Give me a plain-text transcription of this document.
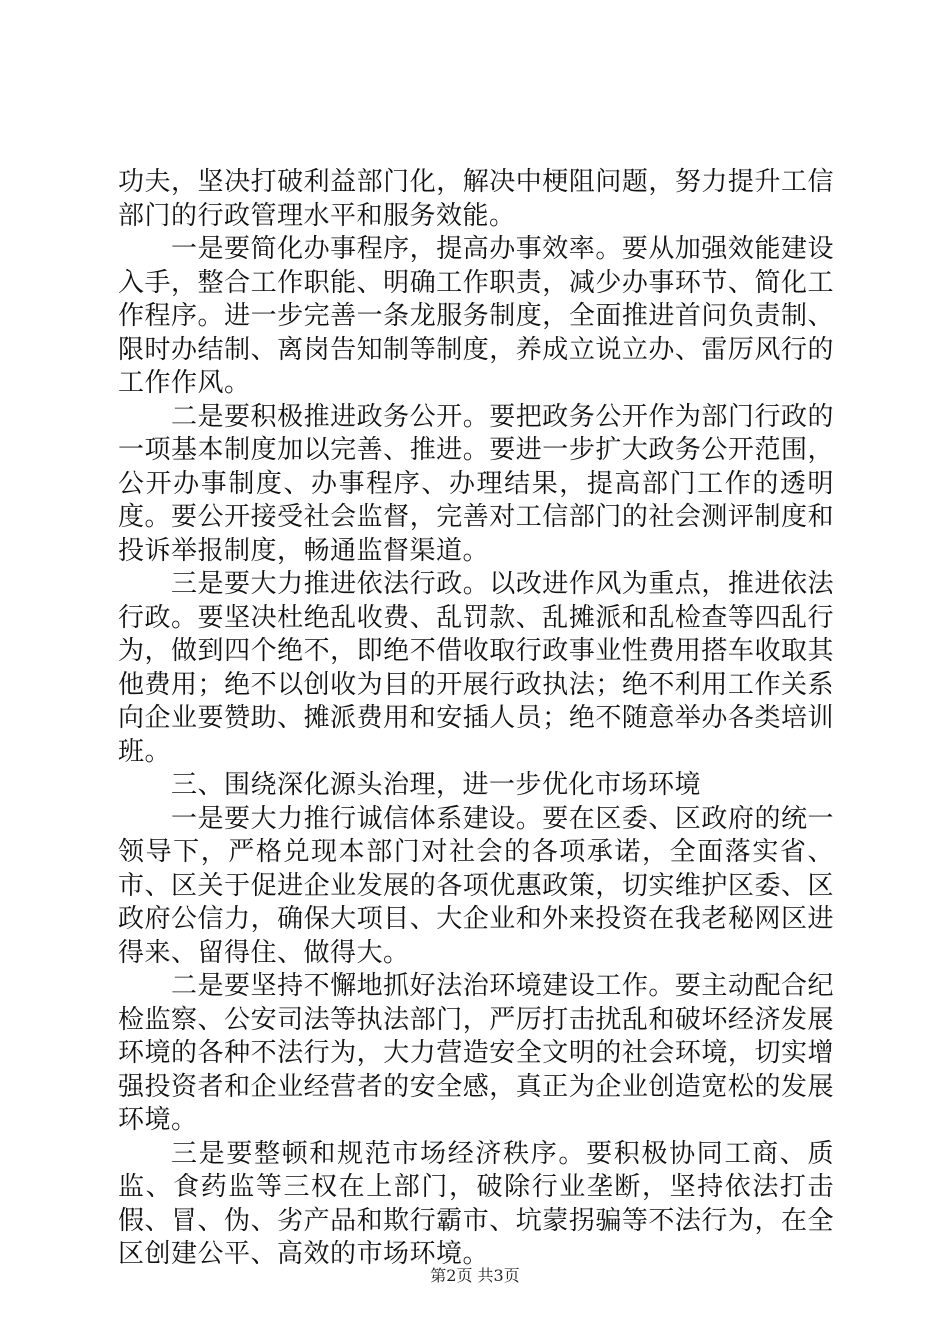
功夫，坚决打破利益部门化，解决中梗阻问题，努力提升工信部门的行政管理水平和服务效能。

一是要简化办事程序，提高办事效率。要从加强效能建设入手，整合工作职能、明确工作职责，减少办事环节、简化工作程序。进一步完善一条龙服务制度，全面推进首问负责制、限时办结制、离岗告知制等制度，养成立说立办、雷厉风行的工作作风。

二是要积极推进政务公开。要把政务公开作为部门行政的一项基本制度加以完善、推进。要进一步扩大政务公开范围，公开办事制度、办事程序、办理结果，提高部门工作的透明度。要公开接受社会监督，完善对工信部门的社会测评制度和投诉举报制度，畅通监督渠道。

三是要大力推进依法行政。以改进作风为重点，推进依法行政。要坚决杜绝乱收费、乱罚款、乱摊派和乱检查等四乱行为，做到四个绝不，即绝不借收取行政事业性费用搭车收取其他费用；绝不以创收为目的开展行政执法；绝不利用工作关系向企业要赞助、摊派费用和安插人员；绝不随意举办各类培训班。

三、围绕深化源头治理，进一步优化市场环境

一是要大力推行诚信体系建设。要在区委、区政府的统一领导下，严格兑现本部门对社会的各项承诺，全面落实省、市、区关于促进企业发展的各项优惠政策，切实维护区委、区政府公信力，确保大项目、大企业和外来投资在我老秘网区进得来、留得住、做得大。

二是要坚持不懈地抓好法治环境建设工作。要主动配合纪检监察、公安司法等执法部门，严厉打击扰乱和破坏经济发展环境的各种不法行为，大力营造安全文明的社会环境，切实增强投资者和企业经营者的安全感，真正为企业创造宽松的发展环境。

三是要整顿和规范市场经济秩序。要积极协同工商、质监、食药监等三权在上部门，破除行业垄断，坚持依法打击假、冒、伪、劣产品和欺行霸市、坑蒙拐骗等不法行为，在全区创建公平、高效的市场环境。

第2页 共3页
